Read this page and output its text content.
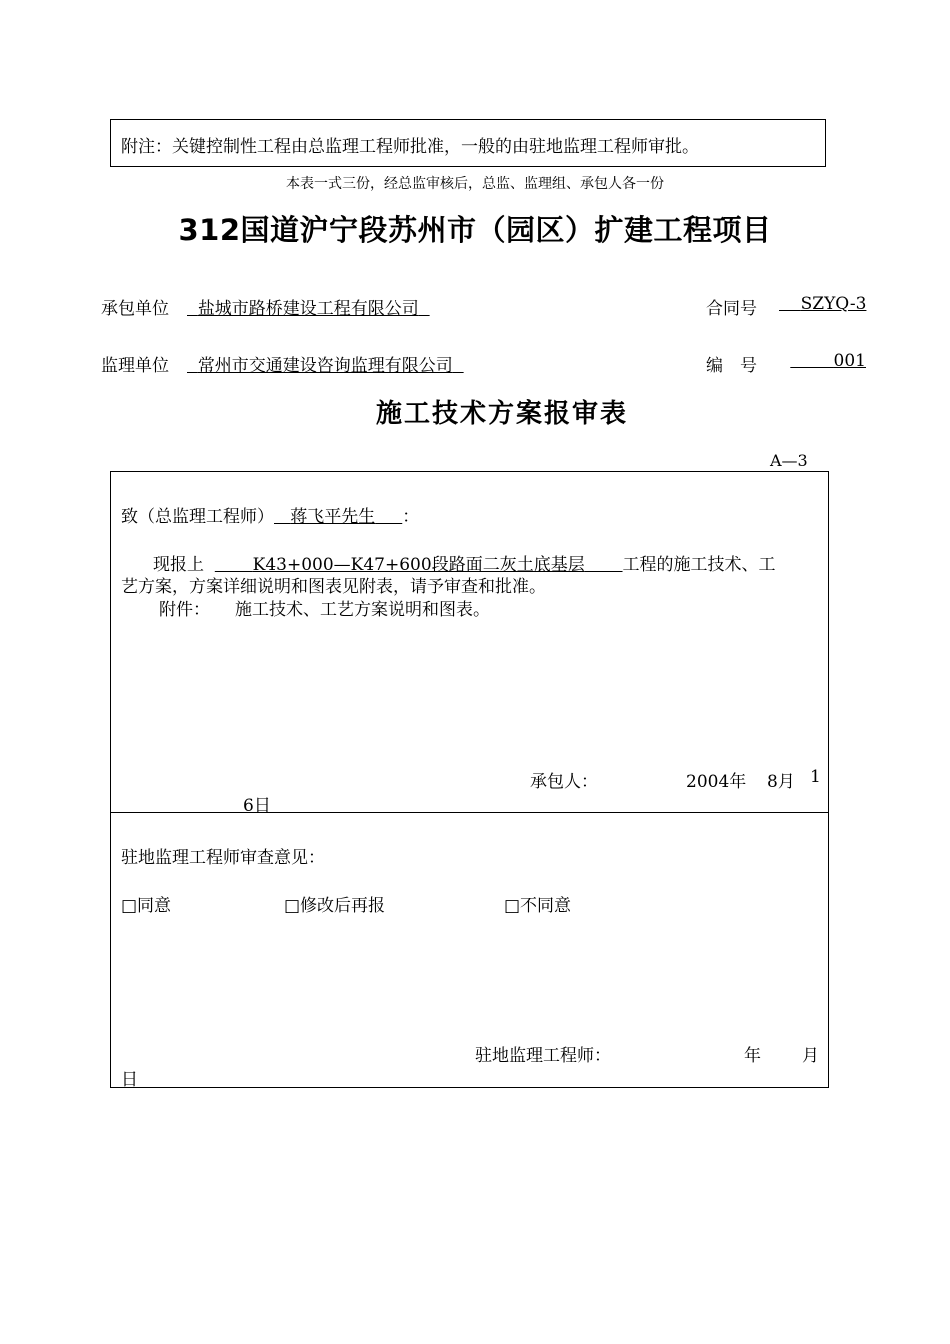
附注：关键控制性工程由总监理工程师批准，一般的由驻地监理工程师审批。
本表一式三份，经总监审核后，总监、监理组、承包人各一份
312国道沪宁段苏州市（园区）扩建工程项目
承包单位	盐城市路桥建设工程有限公司	合同号	SZYQ-3
监理单位	常州市交通建设咨询监理有限公司	编　号	001
施工技术方案报审表
A—3
致（总监理工程师） 蒋飞平先生 ：
现报上	K43+000—K47+600段路面二灰土底基层 工程的施工技术、工
艺方案，方案详细说明和图表见附表，请予审查和批准。
附件： 施工技术、工艺方案说明和图表。
承包人：	2004年 8月 1
6日
驻地监理工程师审查意见：
□同意	□修改后再报	□不同意
驻地监理工程师：	年 月
日
